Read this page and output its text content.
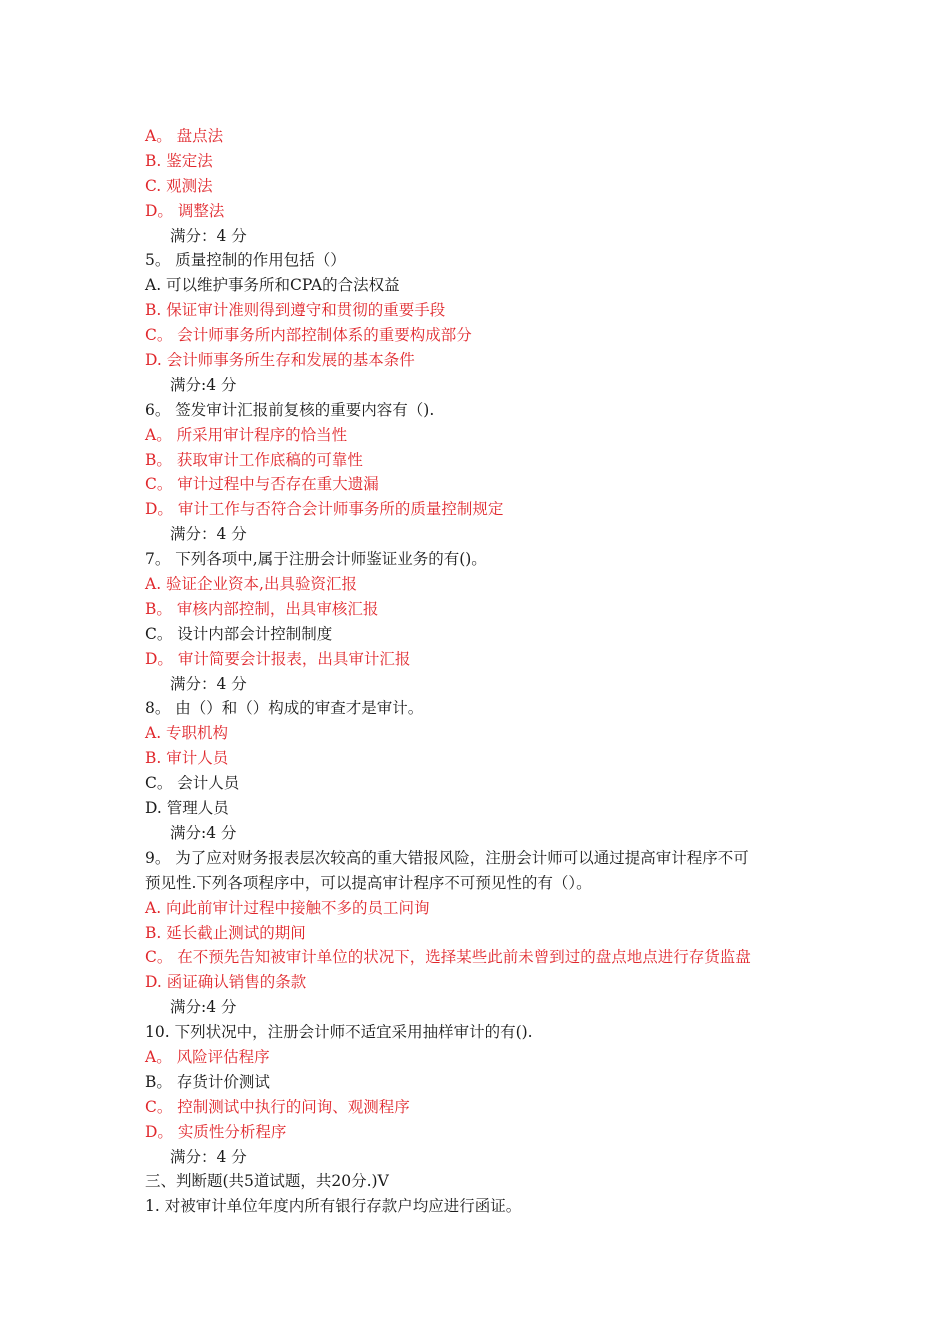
A。 盘点法
B. 鉴定法
C. 观测法
D。 调整法
满分：4 分
5。 质量控制的作用包括（）
A. 可以维护事务所和CPA的合法权益
B. 保证审计准则得到遵守和贯彻的重要手段
C。 会计师事务所内部控制体系的重要构成部分
D. 会计师事务所生存和发展的基本条件
满分:4 分
6。 签发审计汇报前复核的重要内容有（).
A。 所采用审计程序的恰当性
B。 获取审计工作底稿的可靠性
C。 审计过程中与否存在重大遗漏
D。 审计工作与否符合会计师事务所的质量控制规定
满分：4 分
7。 下列各项中,属于注册会计师鉴证业务的有()。
A. 验证企业资本,出具验资汇报
B。 审核内部控制，出具审核汇报
C。 设计内部会计控制制度
D。 审计简要会计报表，出具审计汇报
满分：4 分
8。 由（）和（）构成的审查才是审计。
A. 专职机构
B. 审计人员
C。 会计人员
D. 管理人员
满分:4 分
9。 为了应对财务报表层次较高的重大错报风险，注册会计师可以通过提高审计程序不可
预见性.下列各项程序中，可以提高审计程序不可预见性的有（）。
A. 向此前审计过程中接触不多的员工问询
B. 延长截止测试的期间
C。 在不预先告知被审计单位的状况下，选择某些此前未曾到过的盘点地点进行存货监盘
D. 函证确认销售的条款
满分:4 分
10. 下列状况中，注册会计师不适宜采用抽样审计的有().
A。 风险评估程序
B。 存货计价测试
C。 控制测试中执行的问询、观测程序
D。 实质性分析程序
满分：4 分
三、判断题(共5道试题，共20分.)V
1. 对被审计单位年度内所有银行存款户均应进行函证。
